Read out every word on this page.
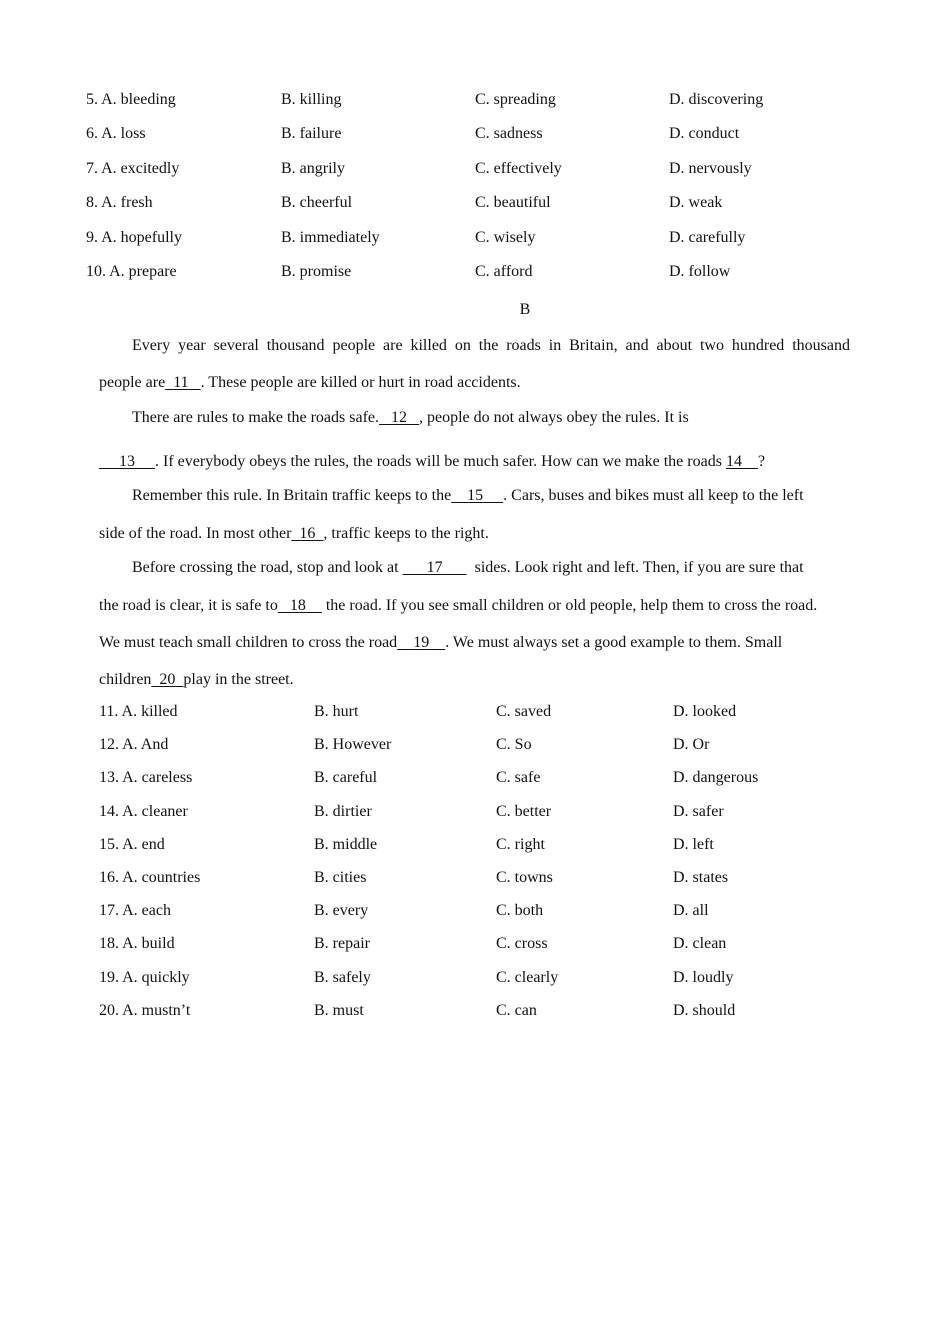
5. A. bleeding	B. killing	C. spreading	D. discovering
6. A. loss	B. failure	C. sadness	D. conduct
7. A. excitedly	B. angrily	C. effectively	D. nervously
8. A. fresh	B. cheerful	C. beautiful	D. weak
9. A. hopefully	B. immediately	C. wisely	D. carefully
10. A. prepare	B. promise	C. afford	D. follow
B
Every year several thousand people are killed on the roads in Britain, and about two hundred thousand
people are 11 . These people are killed or hurt in road accidents.
There are rules to make the roads safe. 12 , people do not always obey the rules. It is
13 . If everybody obeys the rules, the roads will be much safer. How can we make the roads 14 ?
Remember this rule. In Britain traffic keeps to the 15 . Cars, buses and bikes must all keep to the left
side of the road. In most other 16 , traffic keeps to the right.
Before crossing the road, stop and look at 17 sides. Look right and left. Then, if you are sure that
the road is clear, it is safe to 18 the road. If you see small children or old people, help them to cross the road.
We must teach small children to cross the road 19 . We must always set a good example to them. Small
children 20 play in the street.
11. A. killed	B. hurt	C. saved	D. looked
12. A. And	B. However	C. So	D. Or
13. A. careless	B. careful	C. safe	D. dangerous
14. A. cleaner	B. dirtier	C. better	D. safer
15. A. end	B. middle	C. right	D. left
16. A. countries	B. cities	C. towns	D. states
17. A. each	B. every	C. both	D. all
18. A. build	B. repair	C. cross	D. clean
19. A. quickly	B. safely	C. clearly	D. loudly
20. A. mustn’t	B. must	C. can	D. should
